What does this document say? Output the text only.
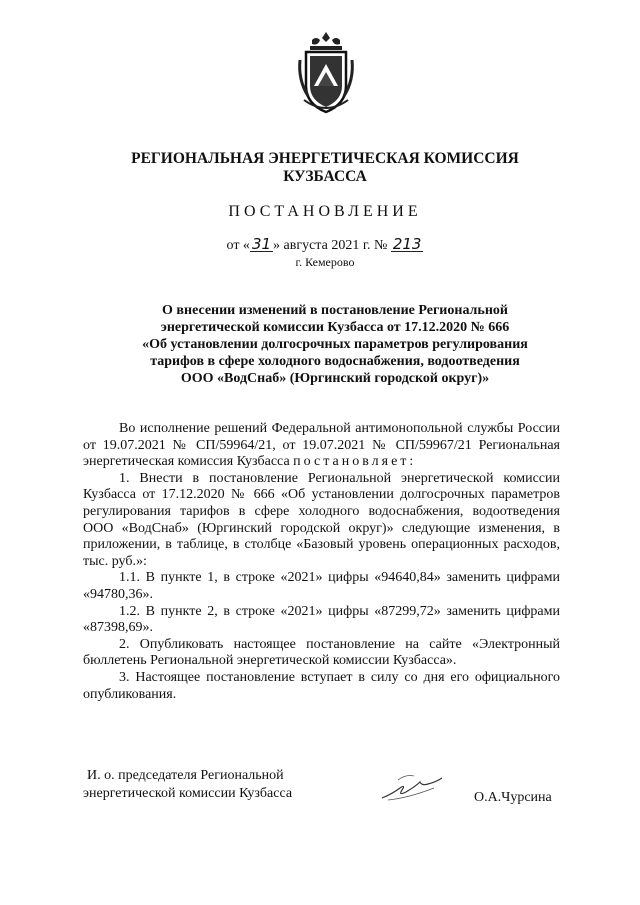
РЕГИОНАЛЬНАЯ ЭНЕРГЕТИЧЕСКАЯ КОМИССИЯ
КУЗБАССА
ПОСТАНОВЛЕНИЕ
от « 31 » августа 2021 г. № 213
г. Кемерово
О внесении изменений в постановление Региональной
энергетической комиссии Кузбасса от 17.12.2020 № 666
«Об установлении долгосрочных параметров регулирования
тарифов в сфере холодного водоснабжения, водоотведения
ООО «ВодСнаб» (Юргинский городской округ)»

Во исполнение решений Федеральной антимонопольной службы России от 19.07.2021 № СП/59964/21, от 19.07.2021 № СП/59967/21 Региональная энергетическая комиссия Кузбасса постановляет:

1. Внести в постановление Региональной энергетической комиссии Кузбасса от 17.12.2020 № 666 «Об установлении долгосрочных параметров регулирования тарифов в сфере холодного водоснабжения, водоотведения ООО «ВодСнаб» (Юргинский городской округ)» следующие изменения, в приложении, в таблице, в столбце «Базовый уровень операционных расходов, тыс. руб.»:

1.1. В пункте 1, в строке «2021» цифры «94640,84» заменить цифрами «94780,36».

1.2. В пункте 2, в строке «2021» цифры «87299,72» заменить цифрами «87398,69».

2. Опубликовать настоящее постановление на сайте «Электронный бюллетень Региональной энергетической комиссии Кузбасса».

3. Настоящее постановление вступает в силу со дня его официального опубликования.

И. о. председателя Региональной
энергетической комиссии Кузбасса	О.А.Чурсина
